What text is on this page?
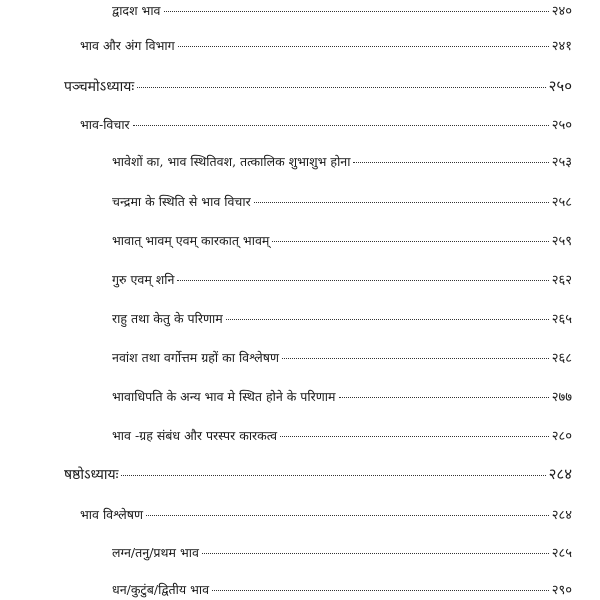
द्वादश भाव	२४०
भाव और अंग विभाग	२४१
पञ्चमोऽध्यायः	२५०
भाव-विचार	२५०
भावेशों का, भाव स्थितिवश, तत्कालिक शुभाशुभ होना	२५३
चन्द्रमा के स्थिति से भाव विचार	२५८
भावात् भावम् एवम् कारकात् भावम्	२५९
गुरु एवम् शनि	२६२
राहु तथा केतु के परिणाम	२६५
नवांश तथा वर्गोत्तम ग्रहों का विश्लेषण	२६८
भावाधिपति के अन्य भाव मे स्थित होने के परिणाम	२७७
भाव -ग्रह संबंध और परस्पर कारकत्व	२८०
षष्ठोऽध्यायः	२८४
भाव विश्लेषण	२८४
लग्न/तनु/प्रथम भाव	२८५
धन/कुटुंब/द्वितीय भाव	२९०
